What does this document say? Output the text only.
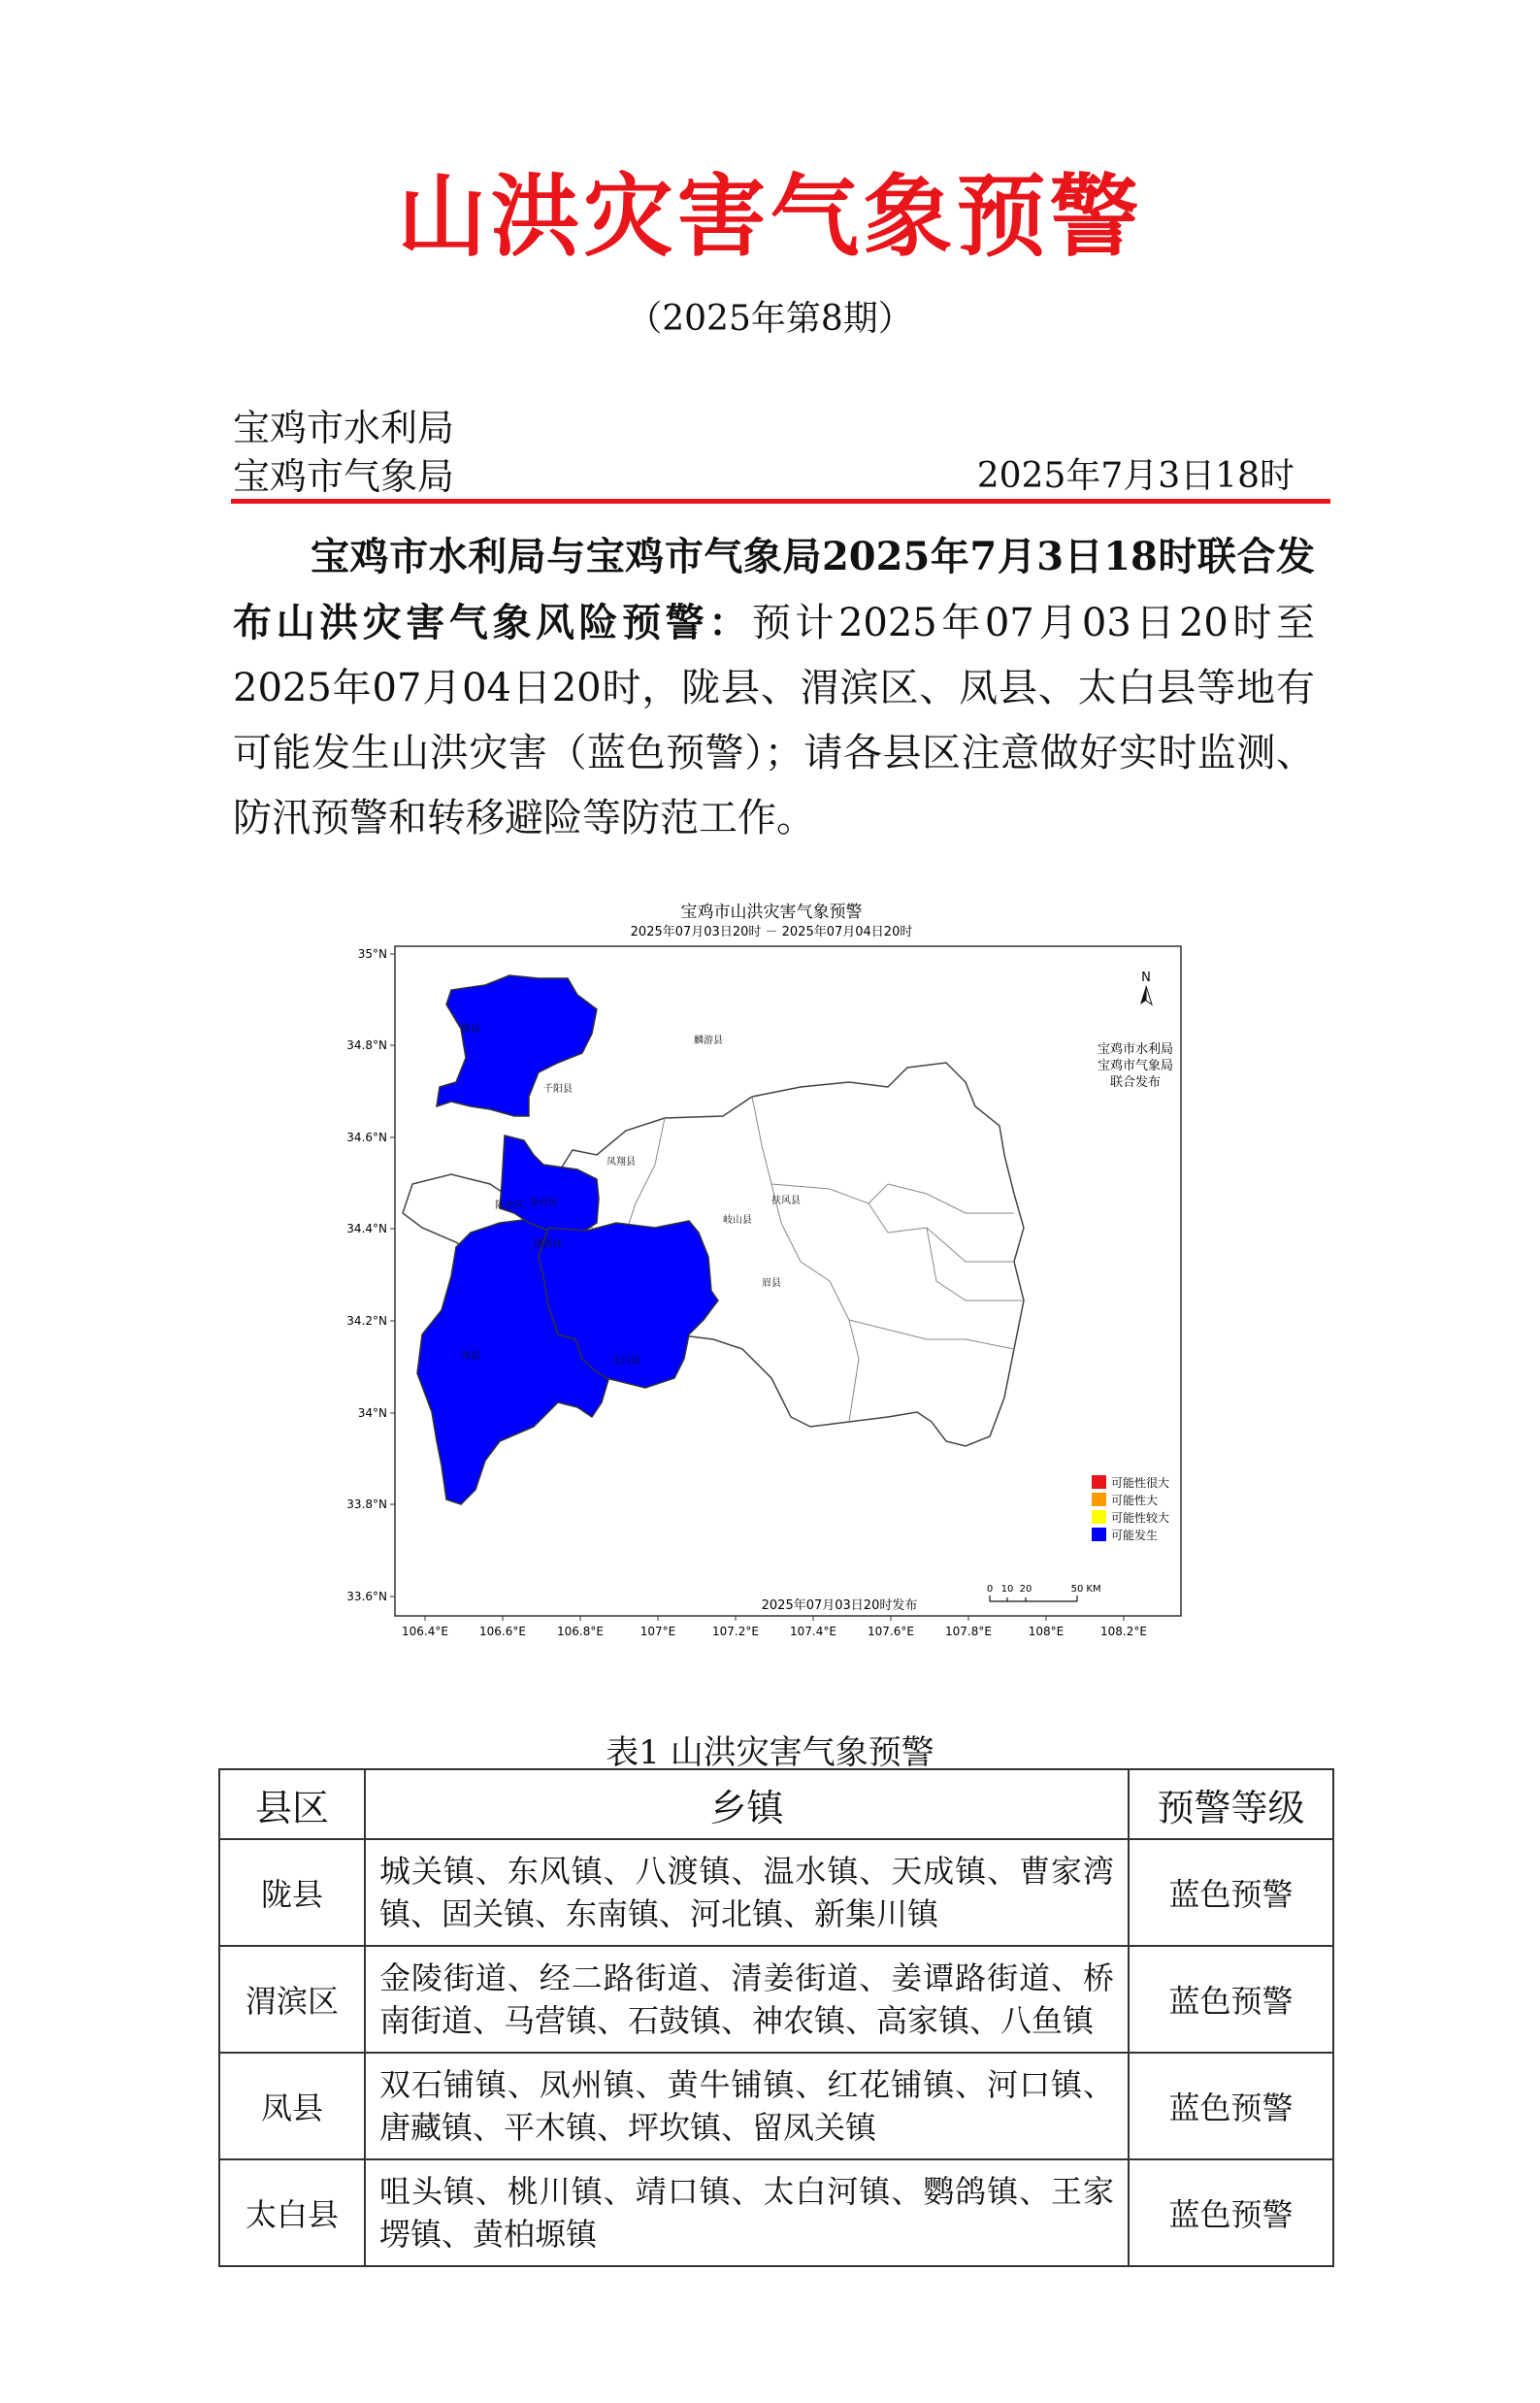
山洪灾害气象预警
（2025年第8期）
宝鸡市水利局
宝鸡市气象局	2025年7月3日18时
宝鸡市水利局与宝鸡市气象局2025年7月3日18时联合发布山洪灾害气象风险预警：预计2025年07月03日20时至2025年07月04日20时，陇县、渭滨区、凤县、太白县等地有可能发生山洪灾害（蓝色预警）；请各县区注意做好实时监测、防汛预警和转移避险等防范工作。
宝鸡市山洪灾害气象预警
2025年07月03日20时 － 2025年07月04日20时
35°N
34.8°N
34.6°N
34.4°N
34.2°N
34°N
33.8°N
33.6°N
106.4°E	106.6°E	106.8°E	107°E	107.2°E	107.4°E	107.6°E	107.8°E	108°E	108.2°E
陇县
千阳县
麟游县
凤翔县
陈仓区 金台区
渭滨区
岐山县
扶风县
眉县
凤县	太白县
N
宝鸡市水利局
宝鸡市气象局
联合发布
可能性很大
可能性大
可能性较大
可能发生
2025年07月03日20时发布
0 10 20	50 KM
表1 山洪灾害气象预警
县区	乡镇	预警等级
陇县	城关镇、东风镇、八渡镇、温水镇、天成镇、曹家湾镇、固关镇、东南镇、河北镇、新集川镇	蓝色预警
渭滨区	金陵街道、经二路街道、清姜街道、姜谭路街道、桥南街道、马营镇、石鼓镇、神农镇、高家镇、八鱼镇	蓝色预警
凤县	双石铺镇、凤州镇、黄牛铺镇、红花铺镇、河口镇、唐藏镇、平木镇、坪坎镇、留凤关镇	蓝色预警
太白县	咀头镇、桃川镇、靖口镇、太白河镇、鹦鸽镇、王家塄镇、黄柏塬镇	蓝色预警
